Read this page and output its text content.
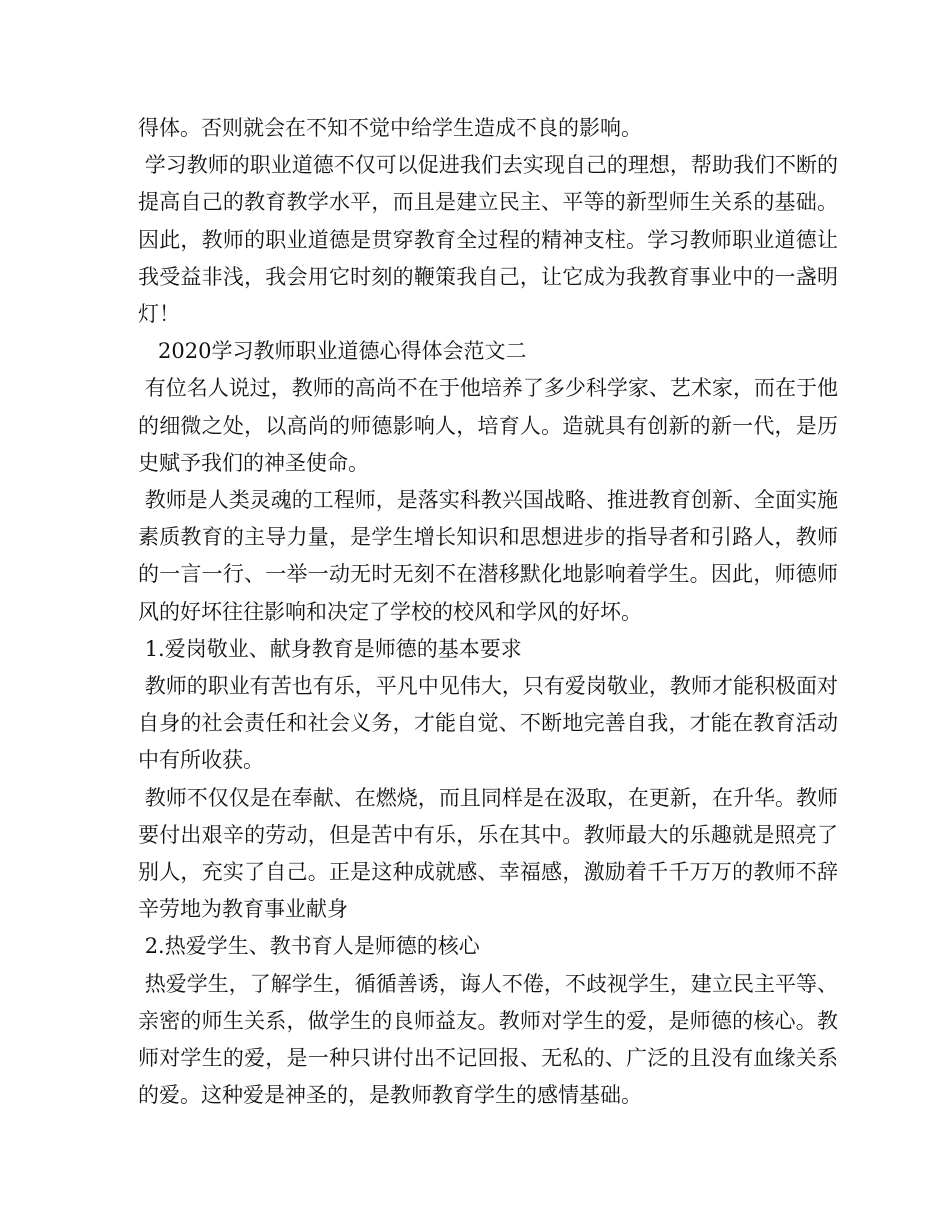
得体。否则就会在不知不觉中给学生造成不良的影响。

学习教师的职业道德不仅可以促进我们去实现自己的理想，帮助我们不断的提高自己的教育教学水平，而且是建立民主、平等的新型师生关系的基础。因此，教师的职业道德是贯穿教育全过程的精神支柱。学习教师职业道德让我受益非浅，我会用它时刻的鞭策我自己，让它成为我教育事业中的一盏明灯！

2020学习教师职业道德心得体会范文二

有位名人说过，教师的高尚不在于他培养了多少科学家、艺术家，而在于他的细微之处，以高尚的师德影响人，培育人。造就具有创新的新一代，是历史赋予我们的神圣使命。

教师是人类灵魂的工程师，是落实科教兴国战略、推进教育创新、全面实施素质教育的主导力量，是学生增长知识和思想进步的指导者和引路人，教师的一言一行、一举一动无时无刻不在潜移默化地影响着学生。因此，师德师风的好坏往往影响和决定了学校的校风和学风的好坏。

1.爱岗敬业、献身教育是师德的基本要求

教师的职业有苦也有乐，平凡中见伟大，只有爱岗敬业，教师才能积极面对自身的社会责任和社会义务，才能自觉、不断地完善自我，才能在教育活动中有所收获。

教师不仅仅是在奉献、在燃烧，而且同样是在汲取，在更新，在升华。教师要付出艰辛的劳动，但是苦中有乐，乐在其中。教师最大的乐趣就是照亮了别人，充实了自己。正是这种成就感、幸福感，激励着千千万万的教师不辞辛劳地为教育事业献身

2.热爱学生、教书育人是师德的核心

热爱学生，了解学生，循循善诱，诲人不倦，不歧视学生，建立民主平等、亲密的师生关系，做学生的良师益友。教师对学生的爱，是师德的核心。教师对学生的爱，是一种只讲付出不记回报、无私的、广泛的且没有血缘关系的爱。这种爱是神圣的，是教师教育学生的感情基础。
